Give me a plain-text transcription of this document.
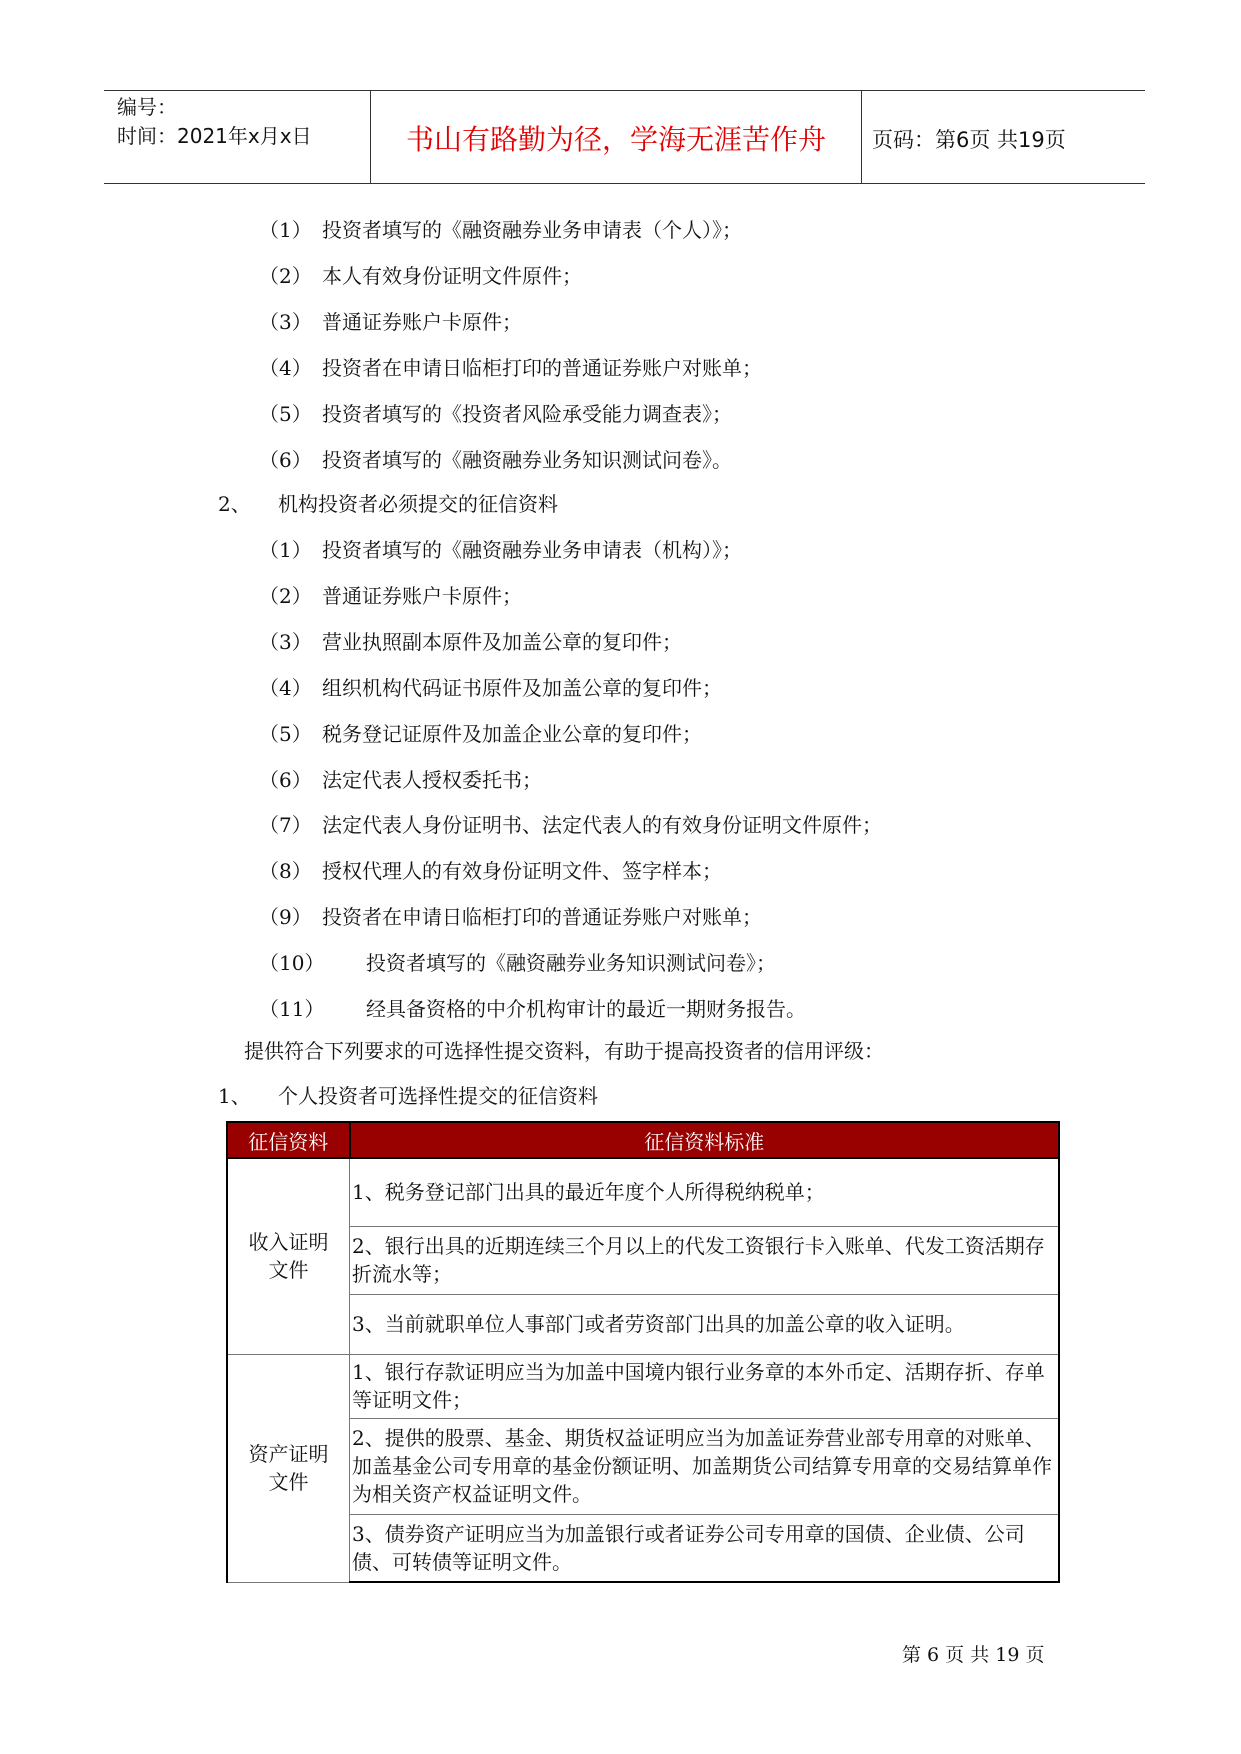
编号：
时间：2021年x月x日	书山有路勤为径，学海无涯苦作舟	页码：第6页 共19页
（1） 投资者填写的《融资融券业务申请表（个人）》；
（2） 本人有效身份证明文件原件；
（3） 普通证券账户卡原件；
（4） 投资者在申请日临柜打印的普通证券账户对账单；
（5） 投资者填写的《投资者风险承受能力调查表》；
（6） 投资者填写的《融资融券业务知识测试问卷》。
2、 机构投资者必须提交的征信资料
（1） 投资者填写的《融资融券业务申请表（机构）》；
（2） 普通证券账户卡原件；
（3） 营业执照副本原件及加盖公章的复印件；
（4） 组织机构代码证书原件及加盖公章的复印件；
（5） 税务登记证原件及加盖企业公章的复印件；
（6） 法定代表人授权委托书；
（7） 法定代表人身份证明书、法定代表人的有效身份证明文件原件；
（8） 授权代理人的有效身份证明文件、签字样本；
（9） 投资者在申请日临柜打印的普通证券账户对账单；
（10） 投资者填写的《融资融券业务知识测试问卷》；
（11） 经具备资格的中介机构审计的最近一期财务报告。
提供符合下列要求的可选择性提交资料，有助于提高投资者的信用评级：
1、 个人投资者可选择性提交的征信资料
征信资料	征信资料标准

收入证明文件	1、税务登记部门出具的最近年度个人所得税纳税单；
	2、银行出具的近期连续三个月以上的代发工资银行卡入账单、代发工资活期存折流水等；
	3、当前就职单位人事部门或者劳资部门出具的加盖公章的收入证明。

资产证明文件	1、银行存款证明应当为加盖中国境内银行业务章的本外币定、活期存折、存单等证明文件；
	2、提供的股票、基金、期货权益证明应当为加盖证券营业部专用章的对账单、加盖基金公司专用章的基金份额证明、加盖期货公司结算专用章的交易结算单作为相关资产权益证明文件。
	3、债券资产证明应当为加盖银行或者证券公司专用章的国债、企业债、公司债、可转债等证明文件。
第 6 页 共 19 页
